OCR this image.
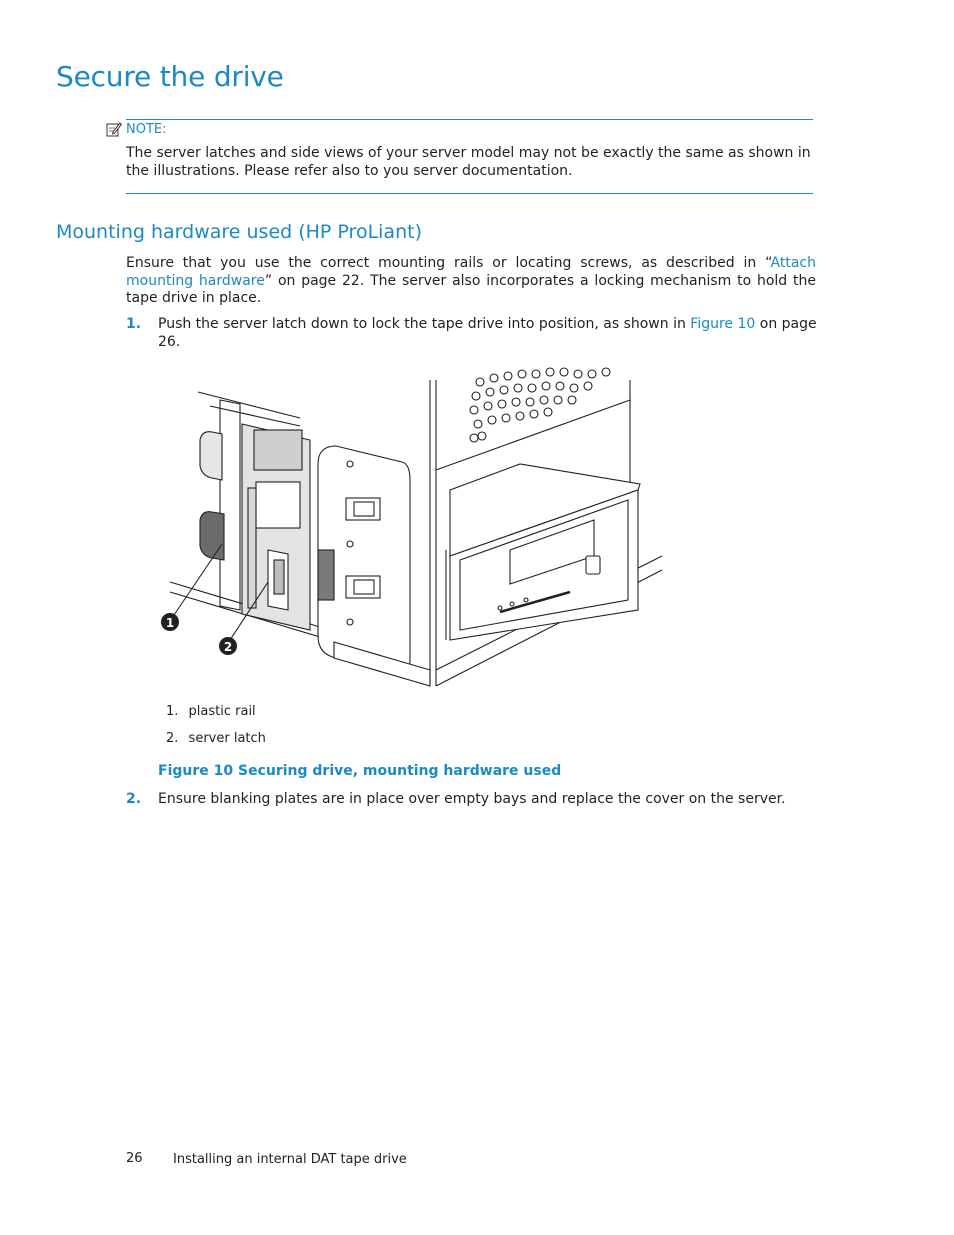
Secure the drive
NOTE:

The server latches and side views of your server model may not be exactly the same as shown in the illustrations. Please refer also to you server documentation.

Mounting hardware used (HP ProLiant)

Ensure that you use the correct mounting rails or locating screws, as described in “Attach mounting hardware” on page 22. The server also incorporates a locking mechanism to hold the tape drive in place.

1. Push the server latch down to lock the tape drive into position, as shown in Figure 10 on page 26.

1
2
1. plastic rail
2. server latch
Figure 10 Securing drive, mounting hardware used
2. Ensure blanking plates are in place over empty bays and replace the cover on the server.

26 Installing an internal DAT tape drive
